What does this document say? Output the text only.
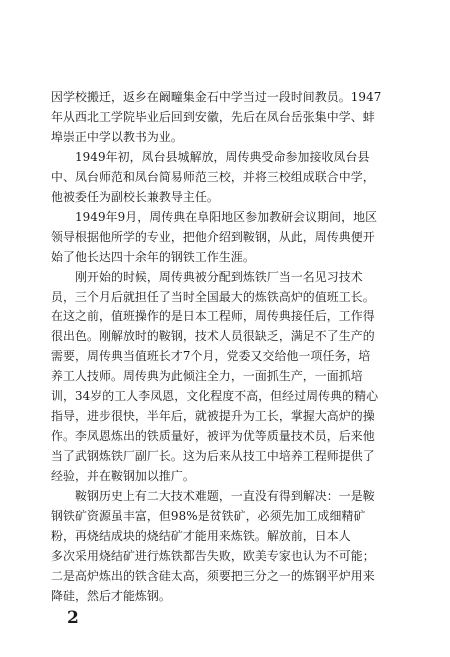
因学校搬迁，返乡在阚疃集金石中学当过一段时间教员。1947
年从西北工学院毕业后回到安徽，先后在凤台岳张集中学、蚌
埠崇正中学以教书为业。

　　1949年初，凤台县城解放，周传典受命参加接收凤台县
中、凤台师范和凤台简易师范三校，并将三校组成联合中学，
他被委任为副校长兼教导主任。

　　1949年9月，周传典在阜阳地区参加教研会议期间，地区
领导根据他所学的专业，把他介绍到鞍钢，从此，周传典便开
始了他长达四十余年的钢铁工作生涯。

　　刚开始的时候，周传典被分配到炼铁厂当一名见习技术
员，三个月后就担任了当时全国最大的炼铁高炉的值班工长。
在这之前，值班操作的是日本工程师，周传典接任后，工作得
很出色。刚解放时的鞍钢，技术人员很缺乏，满足不了生产的
需要，周传典当值班长才7个月，党委又交给他一项任务，培
养工人技师。周传典为此倾注全力，一面抓生产，一面抓培
训，34岁的工人李凤恩，文化程度不高，但经过周传典的精心
指导，进步很快，半年后，就被提升为工长，掌握大高炉的操
作。李凤恩炼出的铁质量好，被评为优等质量技术员，后来他
当了武钢炼铁厂副厂长。这为后来从技工中培养工程师提供了
经验，并在鞍钢加以推广。

　　鞍钢历史上有二大技术难题，一直没有得到解决：一是鞍
钢铁矿资源虽丰富，但98%是贫铁矿，必须先加工成细精矿
粉，再烧结成块的烧结矿才能用来炼铁。解放前，日本人
多次采用烧结矿进行炼铁都告失败，欧美专家也认为不可能；
二是高炉炼出的铁含硅太高，须要把三分之一的炼钢平炉用来
降硅，然后才能炼钢。

2
